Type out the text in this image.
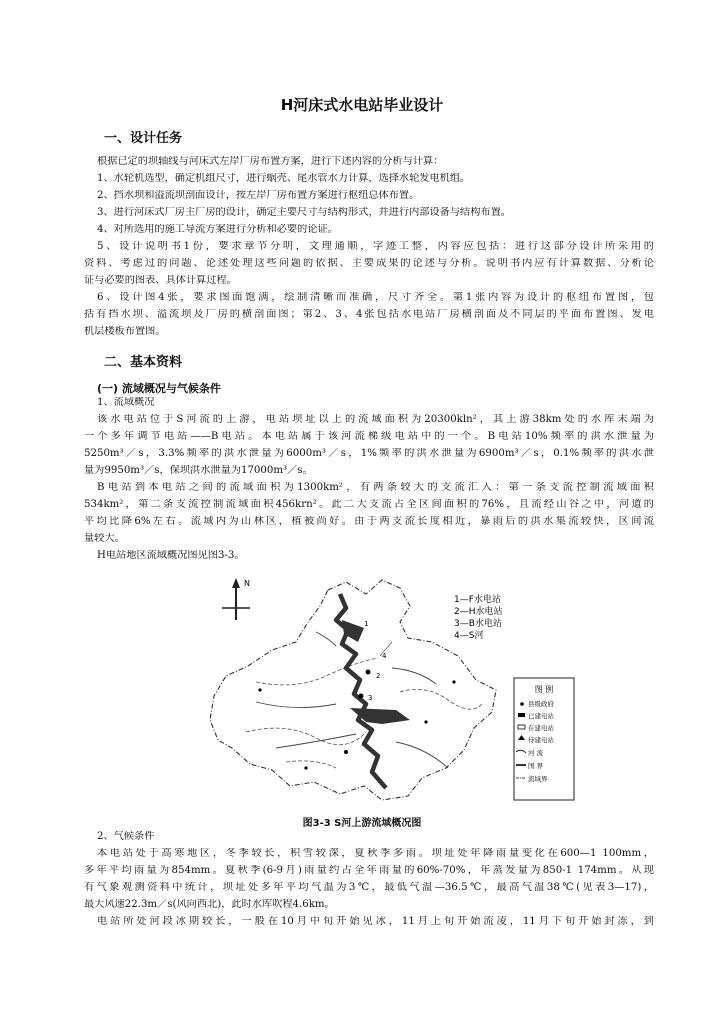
H河床式水电站毕业设计
一、设计任务
根据已定的坝轴线与河床式左岸厂房布置方案，进行下述内容的分析与计算：
1、水轮机选型，确定机组尺寸，进行蜗壳、尾水管水力计算，选择水轮发电机组。
2、挡水坝和溢流坝剖面设计，按左岸厂房布置方案进行枢纽总体布置。
3、进行河床式厂房主厂房的设计，确定主要尺寸与结构形式，并进行内部设备与结构布置。
4、对所选用的施工导流方案进行分析和必要的论证。
5、设计说明书1份，要求章节分明，文理通顺，字迹工整，内容应包括：进行这部分设计所采用的
资料、考虑过的问题、论述处理这些问题的依据、主要成果的论述与分析。说明书内应有计算数据、分析论
证与必要的图表、具体计算过程。
6、设计图4张，要求图面饱满，绘制清晰而准确，尺寸齐全。第1张内容为设计的枢纽布置图，包
括有挡水坝、溢流坝及厂房的横剖面图；第2、3、4张包括水电站厂房横剖面及不同层的平面布置图、发电
机层楼板布置图。
二、基本资料
(一) 流域概况与气候条件
1、流域概况
该水电站位于S河流的上游，电站坝址以上的流域面积为20300kln²，其上游38km处的水库末端为
一个多年调节电站——B电站。本电站属于该河流梯级电站中的一个。B电站10%频率的洪水泄量为
5250m³／s，3.3%频率的洪水泄量为6000m³／s，1%频率的洪水泄量为6900m³／s，0.1%频率的洪水泄
量为9950m³／s，保坝洪水泄量为17000m³／s。
B电站到本电站之间的流域面积为1300km²，有两条较大的支流汇入：第一条支流控制流域面积
534km²，第二条支流控制流域面积456krn²。此二大支流占全区间面积的76%，且流经山谷之中，河道的
平均比降6%左右。流域内为山林区，植被尚好。由于两支流长度相近，暴雨后的洪水集流较快，区间流
量较大。
H电站地区流域概况图见图3-3。
N
2
3
4
1
1—F水电站
2—H水电站
3—B水电站
4—S河
图 例
县级政府
已建电站
在建电站
待建电站
河 流
国 界
流域界
图3-3 S河上游流域概况图
2、气候条件
本电站处于高寒地区，冬季较长，积雪较深，夏秋季多雨。坝址处年降雨量变化在600—1 100mm，
多年平均雨量为854mm。夏秋季(6-9月)雨量约占全年雨量的60%-70%，年蒸发量为850-1 174mm。从现
有气象观测资料中统计，坝址处多年平均气温为3℃，最低气温—36.5℃，最高气温38℃(见表3—17)，
最大风速22.3m／s(风向西北)，此时水库吹程4.6km。
电站所处河段冰期较长，一般在10月中旬开始见冰，11月上旬开始流凌，11月下旬开始封冻，到
